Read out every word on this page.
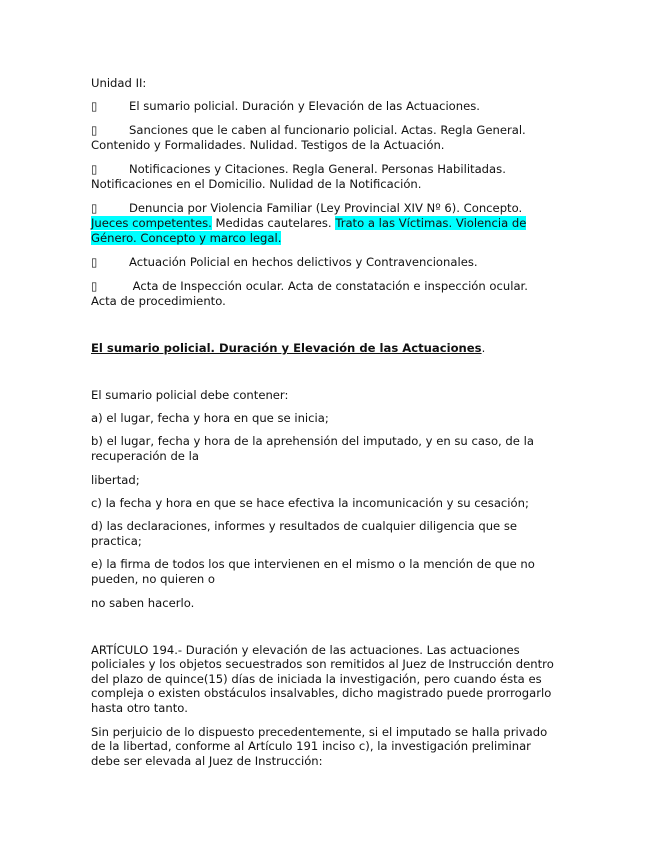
Unidad II:
▯	El sumario policial. Duración y Elevación de las Actuaciones.
▯	Sanciones que le caben al funcionario policial. Actas. Regla General.
Contenido y Formalidades. Nulidad. Testigos de la Actuación.
▯	Notificaciones y Citaciones. Regla General. Personas Habilitadas.
Notificaciones en el Domicilio. Nulidad de la Notificación.
▯	Denuncia por Violencia Familiar (Ley Provincial XIV Nº 6). Concepto.
Jueces competentes. Medidas cautelares. Trato a las Víctimas. Violencia de
Género. Concepto y marco legal.
▯	Actuación Policial en hechos delictivos y Contravencionales.
▯	Acta de Inspección ocular. Acta de constatación e inspección ocular.
Acta de procedimiento.
El sumario policial. Duración y Elevación de las Actuaciones.
El sumario policial debe contener:
a) el lugar, fecha y hora en que se inicia;
b) el lugar, fecha y hora de la aprehensión del imputado, y en su caso, de la
recuperación de la
libertad;
c) la fecha y hora en que se hace efectiva la incomunicación y su cesación;
d) las declaraciones, informes y resultados de cualquier diligencia que se
practica;
e) la firma de todos los que intervienen en el mismo o la mención de que no
pueden, no quieren o
no saben hacerlo.
ARTÍCULO 194.- Duración y elevación de las actuaciones. Las actuaciones
policiales y los objetos secuestrados son remitidos al Juez de Instrucción dentro
del plazo de quince(15) días de iniciada la investigación, pero cuando ésta es
compleja o existen obstáculos insalvables, dicho magistrado puede prorrogarlo
hasta otro tanto.
Sin perjuicio de lo dispuesto precedentemente, si el imputado se halla privado
de la libertad, conforme al Artículo 191 inciso c), la investigación preliminar
debe ser elevada al Juez de Instrucción:
